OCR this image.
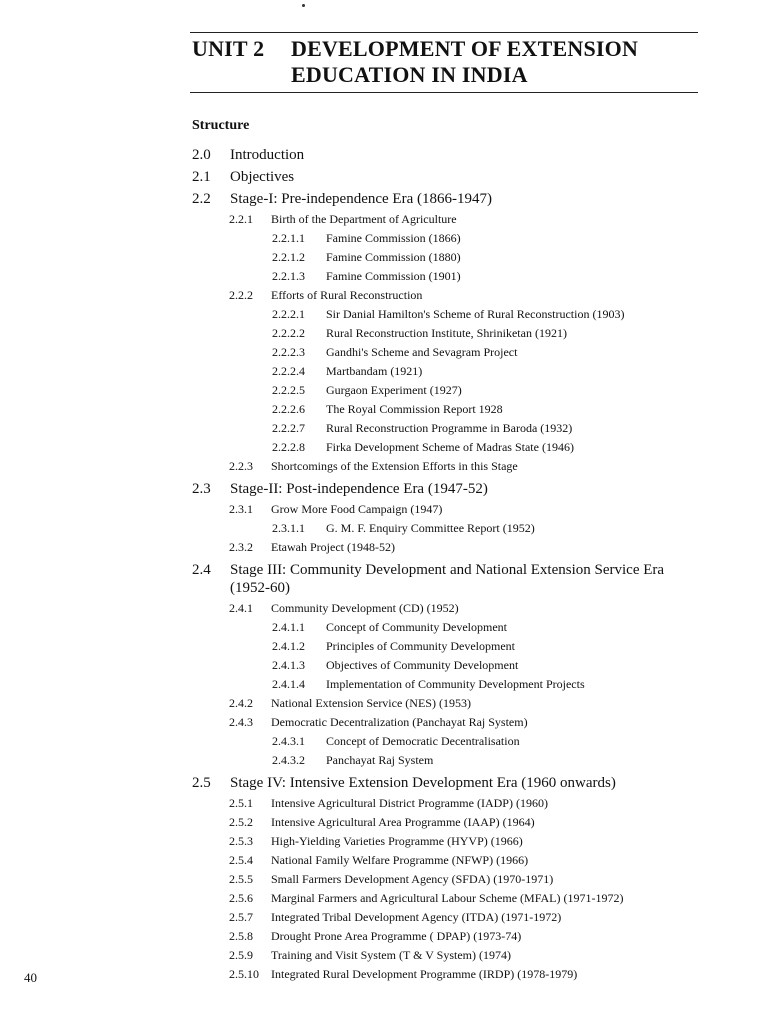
UNIT 2 DEVELOPMENT OF EXTENSION
EDUCATION IN INDIA
Structure
2.0 Introduction
2.1 Objectives
2.2 Stage-I: Pre-independence Era (1866-1947)
2.2.1 Birth of the Department of Agriculture
2.2.1.1 Famine Commission (1866)
2.2.1.2 Famine Commission (1880)
2.2.1.3 Famine Commission (1901)
2.2.2 Efforts of Rural Reconstruction
2.2.2.1 Sir Danial Hamilton's Scheme of Rural Reconstruction (1903)
2.2.2.2 Rural Reconstruction Institute, Shriniketan (1921)
2.2.2.3 Gandhi's Scheme and Sevagram Project
2.2.2.4 Martbandam (1921)
2.2.2.5 Gurgaon Experiment (1927)
2.2.2.6 The Royal Commission Report 1928
2.2.2.7 Rural Reconstruction Programme in Baroda (1932)
2.2.2.8 Firka Development Scheme of Madras State (1946)
2.2.3 Shortcomings of the Extension Efforts in this Stage
2.3 Stage-II: Post-independence Era (1947-52)
2.3.1 Grow More Food Campaign (1947)
2.3.1.1 G. M. F. Enquiry Committee Report (1952)
2.3.2 Etawah Project (1948-52)
2.4 Stage III: Community Development and National Extension Service Era
(1952-60)
2.4.1 Community Development (CD) (1952)
2.4.1.1 Concept of Community Development
2.4.1.2 Principles of Community Development
2.4.1.3 Objectives of Community Development
2.4.1.4 Implementation of Community Development Projects
2.4.2 National Extension Service (NES) (1953)
2.4.3 Democratic Decentralization (Panchayat Raj System)
2.4.3.1 Concept of Democratic Decentralisation
2.4.3.2 Panchayat Raj System
2.5 Stage IV: Intensive Extension Development Era (1960 onwards)
2.5.1 Intensive Agricultural District Programme (IADP) (1960)
2.5.2 Intensive Agricultural Area Programme (IAAP) (1964)
2.5.3 High-Yielding Varieties Programme (HYVP) (1966)
2.5.4 National Family Welfare Programme (NFWP) (1966)
2.5.5 Small Farmers Development Agency (SFDA) (1970-1971)
2.5.6 Marginal Farmers and Agricultural Labour Scheme (MFAL) (1971-1972)
2.5.7 Integrated Tribal Development Agency (ITDA) (1971-1972)
2.5.8 Drought Prone Area Programme ( DPAP) (1973-74)
2.5.9 Training and Visit System (T & V System) (1974)
2.5.10 Integrated Rural Development Programme (IRDP) (1978-1979)

40
